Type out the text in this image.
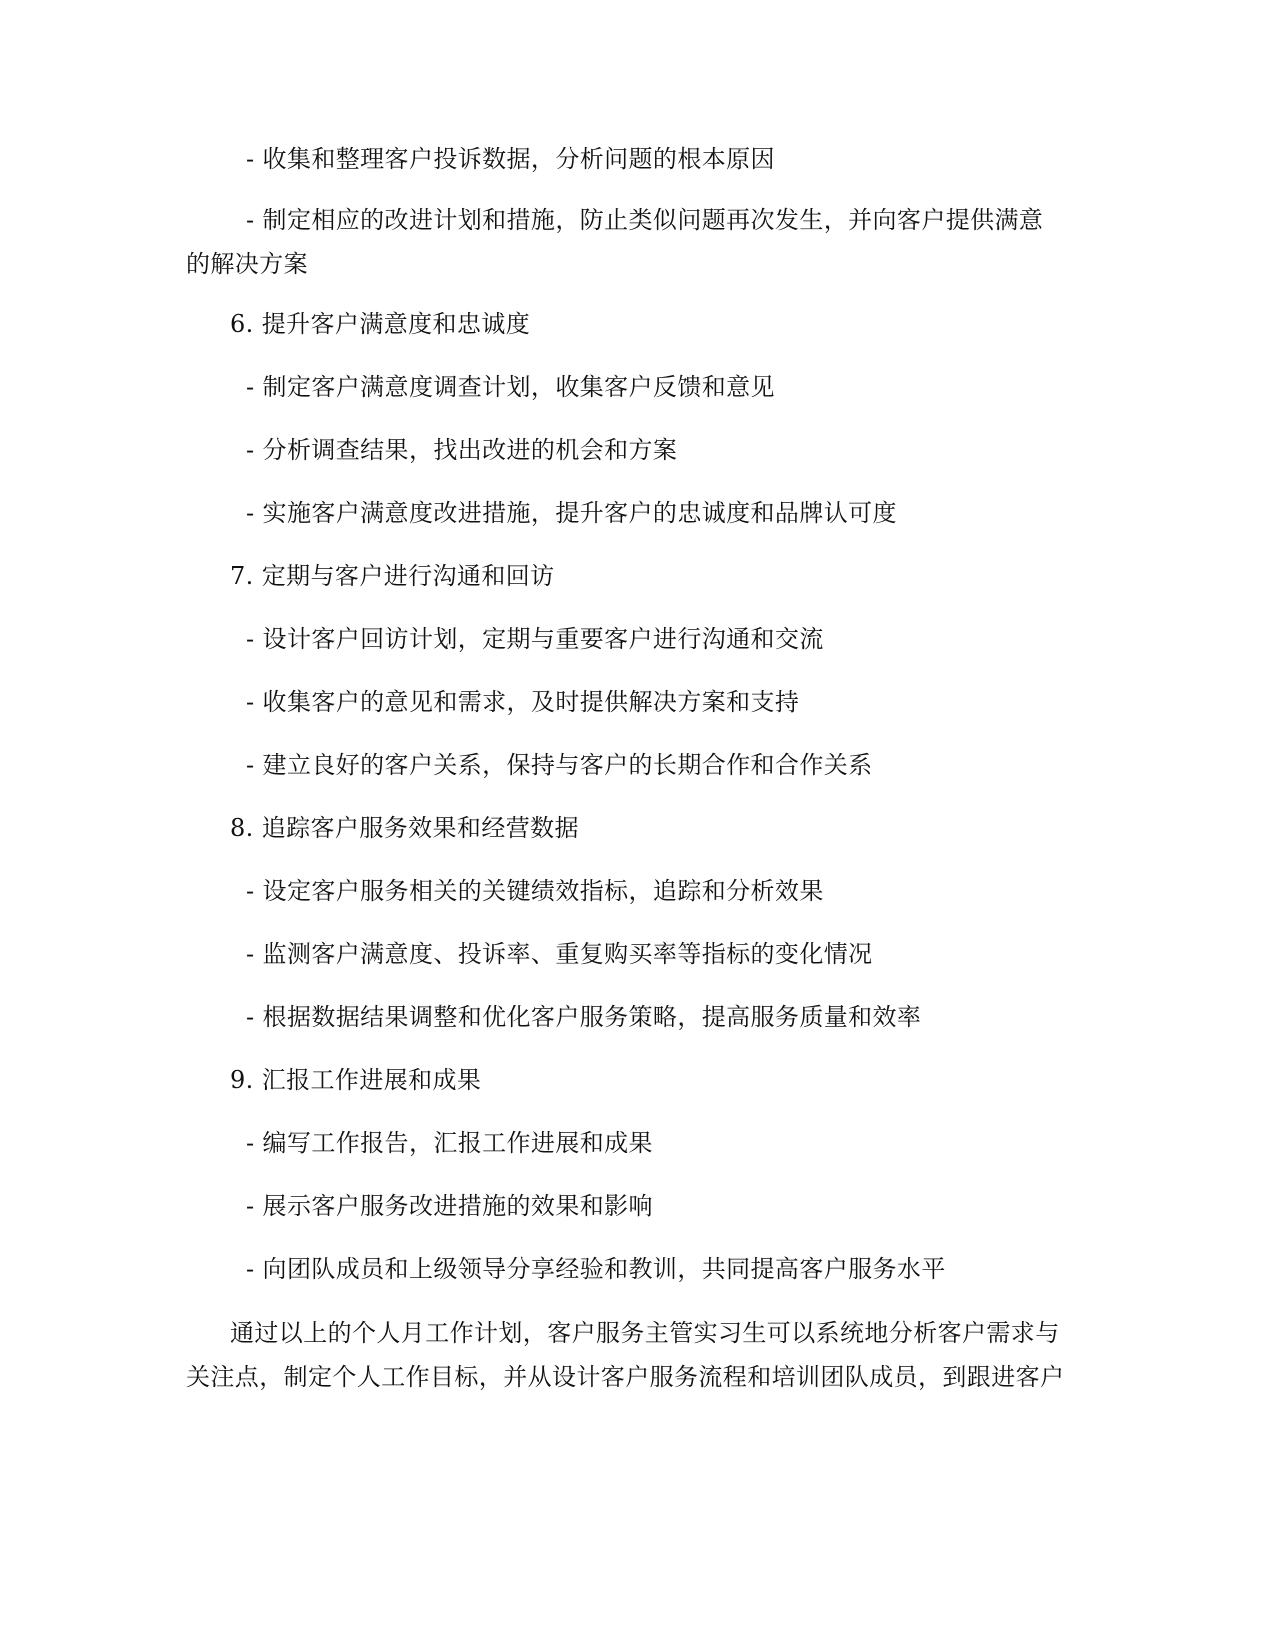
- 收集和整理客户投诉数据，分析问题的根本原因
- 制定相应的改进计划和措施，防止类似问题再次发生，并向客户提供满意
的解决方案
6. 提升客户满意度和忠诚度
- 制定客户满意度调查计划，收集客户反馈和意见
- 分析调查结果，找出改进的机会和方案
- 实施客户满意度改进措施，提升客户的忠诚度和品牌认可度
7. 定期与客户进行沟通和回访
- 设计客户回访计划，定期与重要客户进行沟通和交流
- 收集客户的意见和需求，及时提供解决方案和支持
- 建立良好的客户关系，保持与客户的长期合作和合作关系
8. 追踪客户服务效果和经营数据
- 设定客户服务相关的关键绩效指标，追踪和分析效果
- 监测客户满意度、投诉率、重复购买率等指标的变化情况
- 根据数据结果调整和优化客户服务策略，提高服务质量和效率
9. 汇报工作进展和成果
- 编写工作报告，汇报工作进展和成果
- 展示客户服务改进措施的效果和影响
- 向团队成员和上级领导分享经验和教训，共同提高客户服务水平
通过以上的个人月工作计划，客户服务主管实习生可以系统地分析客户需求与
关注点，制定个人工作目标，并从设计客户服务流程和培训团队成员，到跟进客户
